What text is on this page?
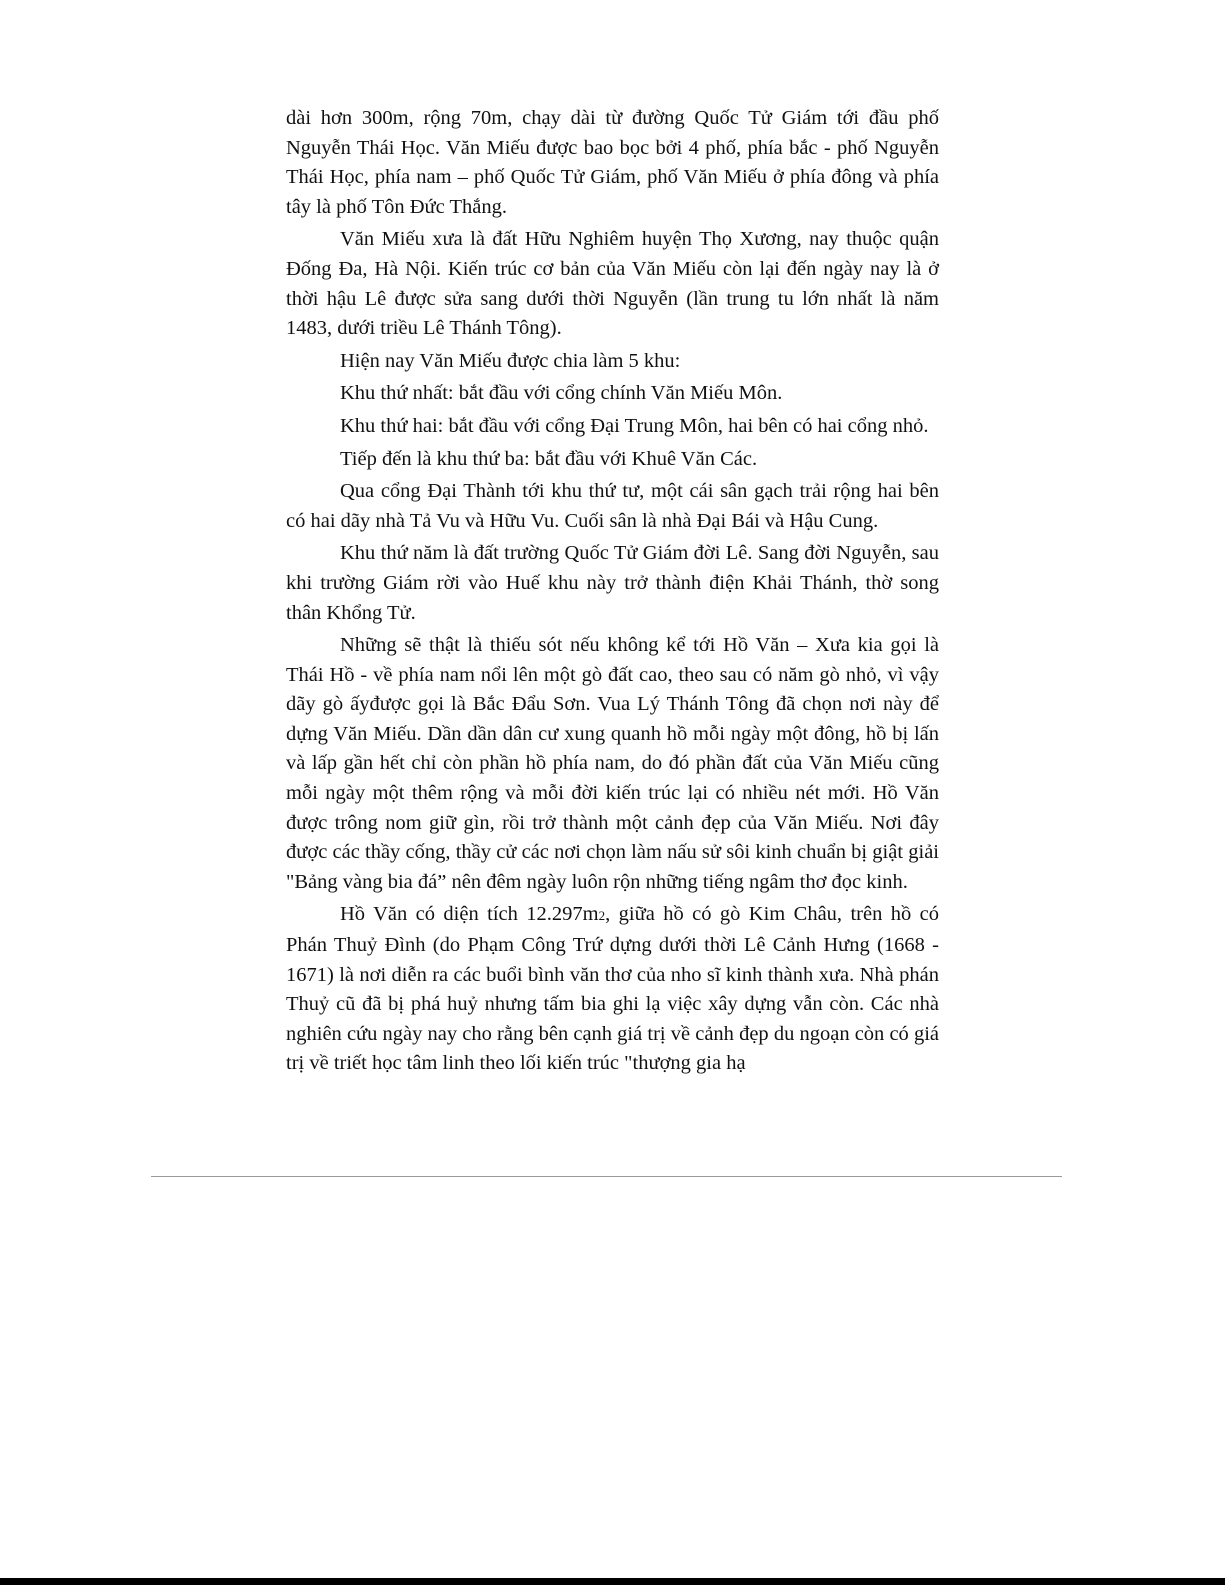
dài hơn 300m, rộng 70m, chạy dài từ đường Quốc Tử Giám tới đầu phố Nguyễn Thái Học. Văn Miếu được bao bọc bởi 4 phố, phía bắc - phố Nguyễn Thái Học, phía nam – phố Quốc Tử Giám, phố Văn Miếu ở phía đông và phía tây là phố Tôn Đức Thắng.

Văn Miếu xưa là đất Hữu Nghiêm huyện Thọ Xương, nay thuộc quận Đống Đa, Hà Nội. Kiến trúc cơ bản của Văn Miếu còn lại đến ngày nay là ở thời hậu Lê được sửa sang dưới thời Nguyễn (lần trung tu lớn nhất là năm 1483, dưới triều Lê Thánh Tông).

Hiện nay Văn Miếu được chia làm 5 khu:

Khu thứ nhất: bắt đầu với cổng chính Văn Miếu Môn.

Khu thứ hai: bắt đầu với cổng Đại Trung Môn, hai bên có hai cổng nhỏ.

Tiếp đến là khu thứ ba: bắt đầu với Khuê Văn Các.

Qua cổng Đại Thành tới khu thứ tư, một cái sân gạch trải rộng hai bên có hai dãy nhà Tả Vu và Hữu Vu. Cuối sân là nhà Đại Bái và Hậu Cung.

Khu thứ năm là đất trường Quốc Tử Giám đời Lê. Sang đời Nguyễn, sau khi trường Giám rời vào Huế khu này trở thành điện Khải Thánh, thờ song thân Khổng Tử.

Những sẽ thật là thiếu sót nếu không kể tới Hồ Văn – Xưa kia gọi là Thái Hồ - về phía nam nổi lên một gò đất cao, theo sau có năm gò nhỏ, vì vậy dãy gò ấyđược gọi là Bắc Đẩu Sơn. Vua Lý Thánh Tông đã chọn nơi này để dựng Văn Miếu. Dần dần dân cư xung quanh hồ mỗi ngày một đông, hồ bị lấn và lấp gần hết chỉ còn phần hồ phía nam, do đó phần đất của Văn Miếu cũng mỗi ngày một thêm rộng và mỗi đời kiến trúc lại có nhiều nét mới. Hồ Văn được trông nom giữ gìn, rồi trở thành một cảnh đẹp của Văn Miếu. Nơi đây được các thầy cống, thầy cử các nơi chọn làm nấu sử sôi kinh chuẩn bị giật giải "Bảng vàng bia đá” nên đêm ngày luôn rộn những tiếng ngâm thơ đọc kinh.

Hồ Văn có diện tích 12.297m2, giữa hồ có gò Kim Châu, trên hồ có Phán Thuỷ Đình (do Phạm Công Trứ dựng dưới thời Lê Cảnh Hưng (1668 - 1671) là nơi diễn ra các buổi bình văn thơ của nho sĩ kinh thành xưa. Nhà phán Thuỷ cũ đã bị phá huỷ nhưng tấm bia ghi lạ việc xây dựng vẫn còn. Các nhà nghiên cứu ngày nay cho rằng bên cạnh giá trị về cảnh đẹp du ngoạn còn có giá trị về triết học tâm linh theo lối kiến trúc "thượng gia hạ
